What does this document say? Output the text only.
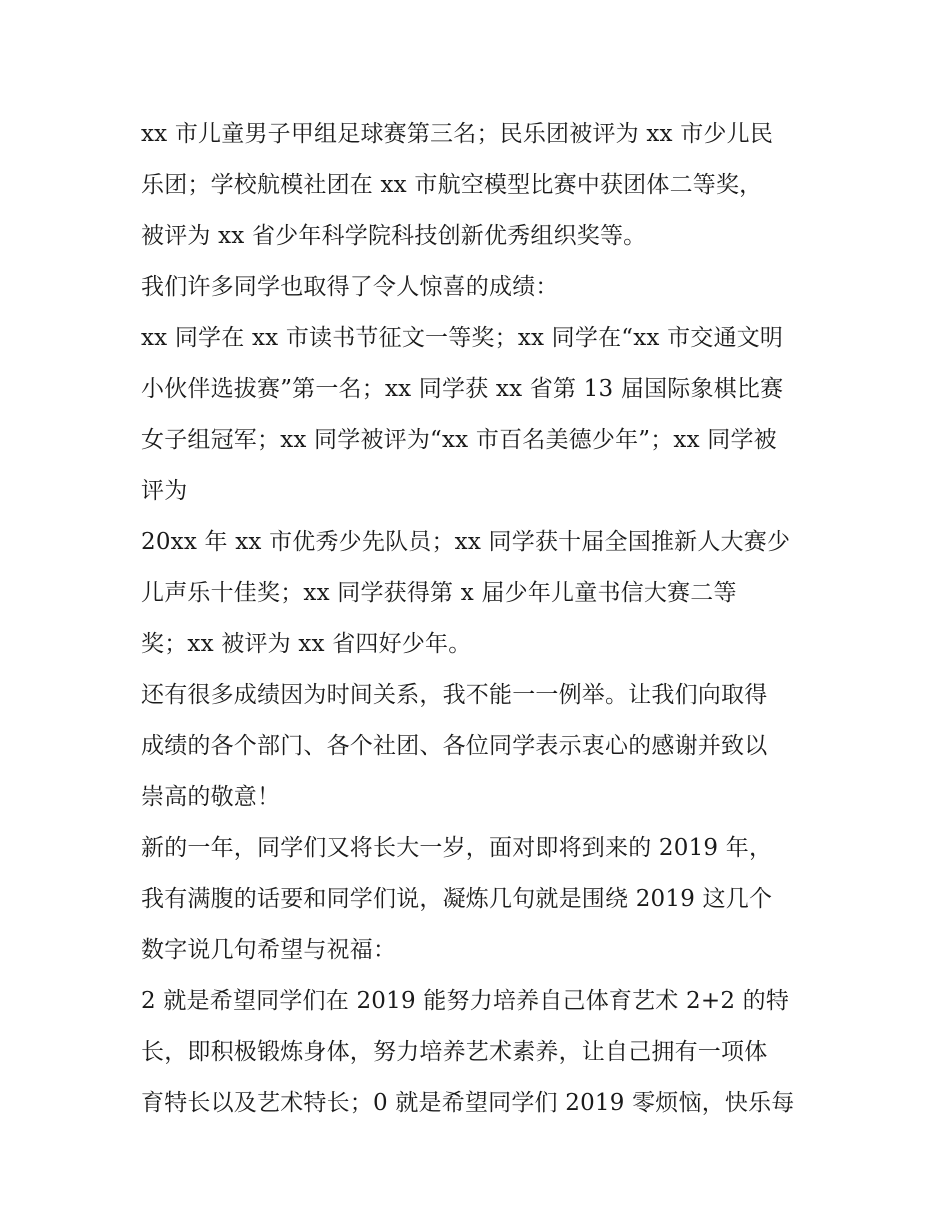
xx 市儿童男子甲组足球赛第三名；民乐团被评为 xx 市少儿民
乐团；学校航模社团在 xx 市航空模型比赛中获团体二等奖，
被评为 xx 省少年科学院科技创新优秀组织奖等。
我们许多同学也取得了令人惊喜的成绩：
xx 同学在 xx 市读书节征文一等奖；xx 同学在“xx 市交通文明
小伙伴选拔赛”第一名；xx 同学获 xx 省第 13 届国际象棋比赛
女子组冠军；xx 同学被评为“xx 市百名美德少年”；xx 同学被
评为
20xx 年 xx 市优秀少先队员；xx 同学获十届全国推新人大赛少
儿声乐十佳奖；xx 同学获得第 x 届少年儿童书信大赛二等
奖；xx 被评为 xx 省四好少年。
还有很多成绩因为时间关系，我不能一一例举。让我们向取得
成绩的各个部门、各个社团、各位同学表示衷心的感谢并致以
崇高的敬意！
新的一年，同学们又将长大一岁，面对即将到来的 2019 年，
我有满腹的话要和同学们说，凝炼几句就是围绕 2019 这几个
数字说几句希望与祝福：
2 就是希望同学们在 2019 能努力培养自己体育艺术 2+2 的特
长，即积极锻炼身体，努力培养艺术素养，让自己拥有一项体
育特长以及艺术特长；0 就是希望同学们 2019 零烦恼，快乐每
